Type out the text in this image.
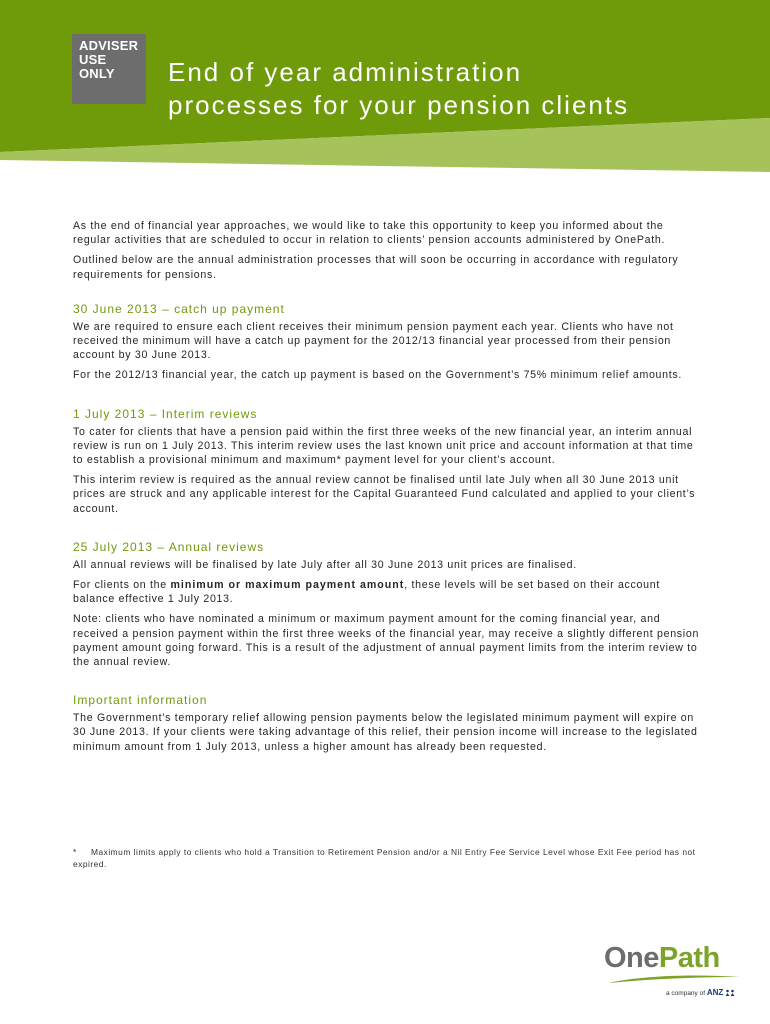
ADVISER
USE
ONLY	End of year administration
processes for your pension clients

As the end of financial year approaches, we would like to take this opportunity to keep you informed about the regular activities that are scheduled to occur in relation to clients’ pension accounts administered by OnePath.

Outlined below are the annual administration processes that will soon be occurring in accordance with regulatory requirements for pensions.

30 June 2013 – catch up payment

We are required to ensure each client receives their minimum pension payment each year. Clients who have not received the minimum will have a catch up payment for the 2012/13 financial year processed from their pension account by 30 June 2013.

For the 2012/13 financial year, the catch up payment is based on the Government’s 75% minimum relief amounts.

1 July 2013 – Interim reviews

To cater for clients that have a pension paid within the first three weeks of the new financial year, an interim annual review is run on 1 July 2013. This interim review uses the last known unit price and account information at that time to establish a provisional minimum and maximum* payment level for your client’s account.

This interim review is required as the annual review cannot be finalised until late July when all 30 June 2013 unit prices are struck and any applicable interest for the Capital Guaranteed Fund calculated and applied to your client’s account.

25 July 2013 – Annual reviews

All annual reviews will be finalised by late July after all 30 June 2013 unit prices are finalised.

For clients on the minimum or maximum payment amount, these levels will be set based on their account balance effective 1 July 2013.

Note: clients who have nominated a minimum or maximum payment amount for the coming financial year, and received a pension payment within the first three weeks of the financial year, may receive a slightly different pension payment amount going forward. This is a result of the adjustment of annual payment limits from the interim review to the annual review.

Important information

The Government’s temporary relief allowing pension payments below the legislated minimum payment will expire on 30 June 2013. If your clients were taking advantage of this relief, their pension income will increase to the legislated minimum amount from 1 July 2013, unless a higher amount has already been requested.

* Maximum limits apply to clients who hold a Transition to Retirement Pension and/or a Nil Entry Fee Service Level whose Exit Fee period has not expired.
OnePath
a company of ANZ
